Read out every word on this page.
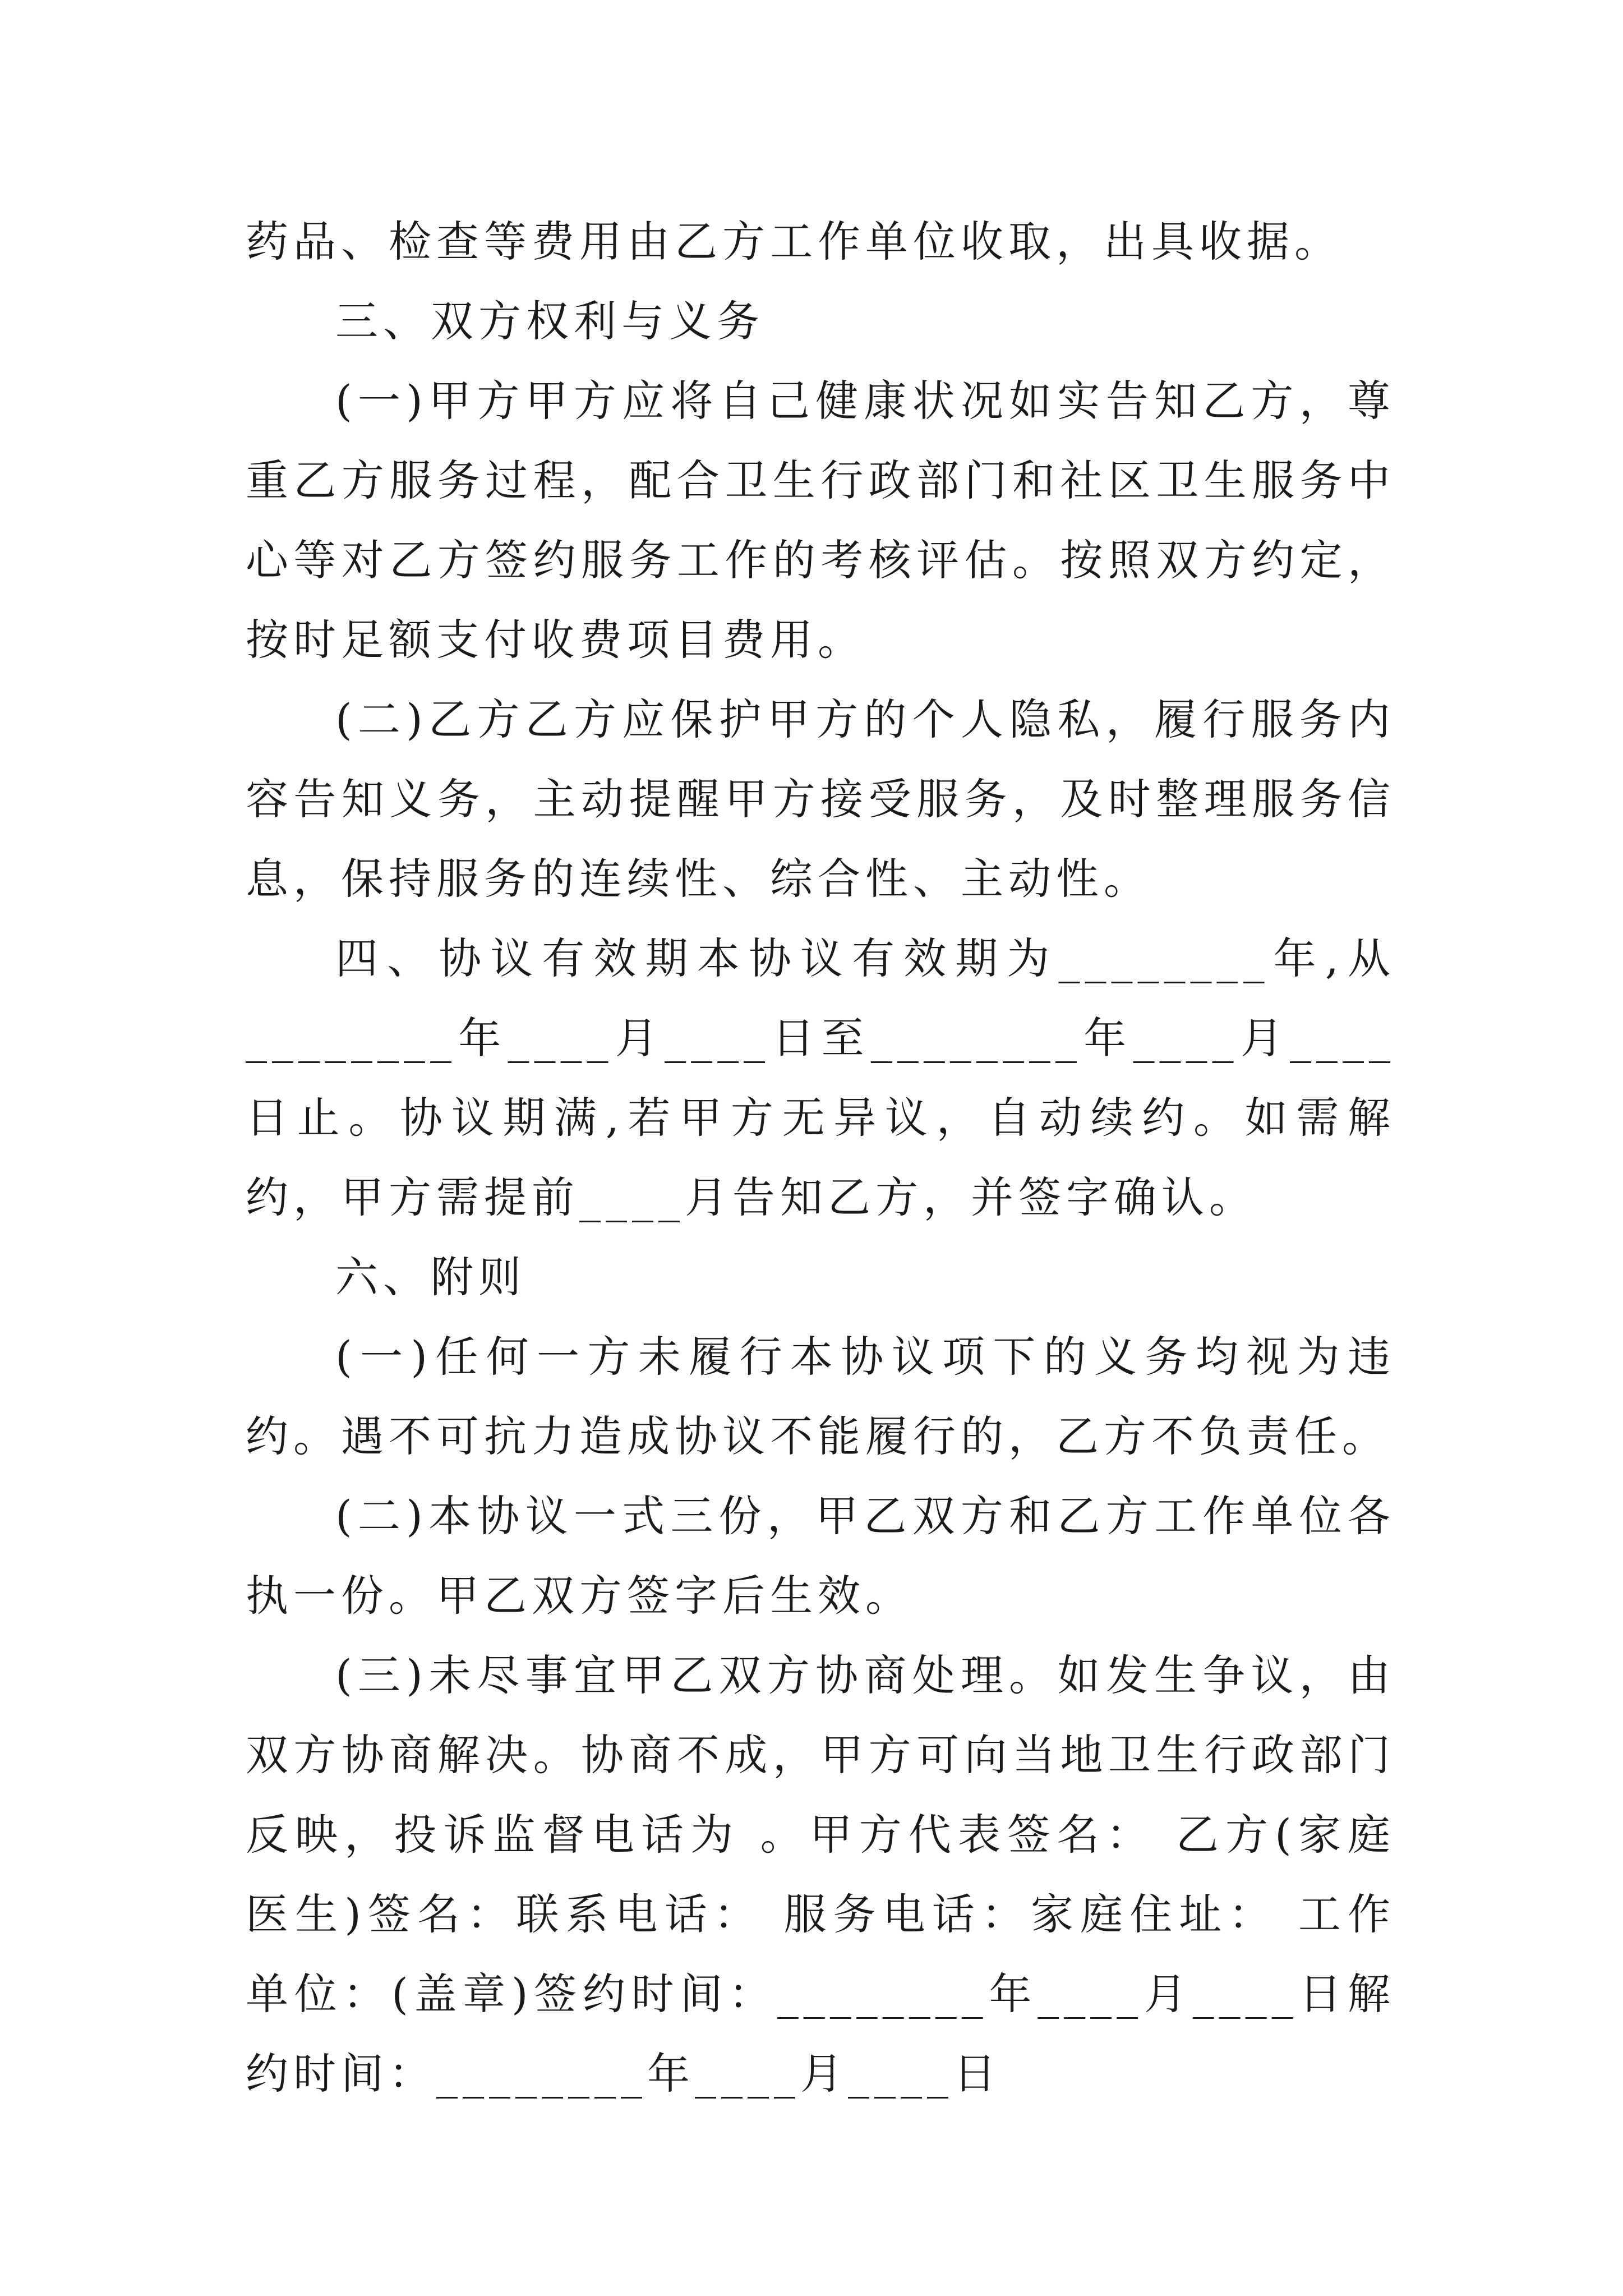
药品、检查等费用由乙方工作单位收取，出具收据。

三、双方权利与义务

(一)甲方甲方应将自己健康状况如实告知乙方，尊重乙方服务过程，配合卫生行政部门和社区卫生服务中心等对乙方签约服务工作的考核评估。按照双方约定，按时足额支付收费项目费用。

(二)乙方乙方应保护甲方的个人隐私，履行服务内容告知义务，主动提醒甲方接受服务，及时整理服务信息，保持服务的连续性、综合性、主动性。

四、协议有效期本协议有效期为________年,从________年____月____日至________年____月____日止。协议期满,若甲方无异议，自动续约。如需解约，甲方需提前____月告知乙方，并签字确认。

六、附则

(一)任何一方未履行本协议项下的义务均视为违约。遇不可抗力造成协议不能履行的，乙方不负责任。

(二)本协议一式三份，甲乙双方和乙方工作单位各执一份。甲乙双方签字后生效。

(三)未尽事宜甲乙双方协商处理。如发生争议，由双方协商解决。协商不成，甲方可向当地卫生行政部门反映，投诉监督电话为 。甲方代表签名： 乙方(家庭医生)签名：联系电话： 服务电话：家庭住址： 工作单位：(盖章)签约时间：________年____月____日解约时间：________年____月____日
